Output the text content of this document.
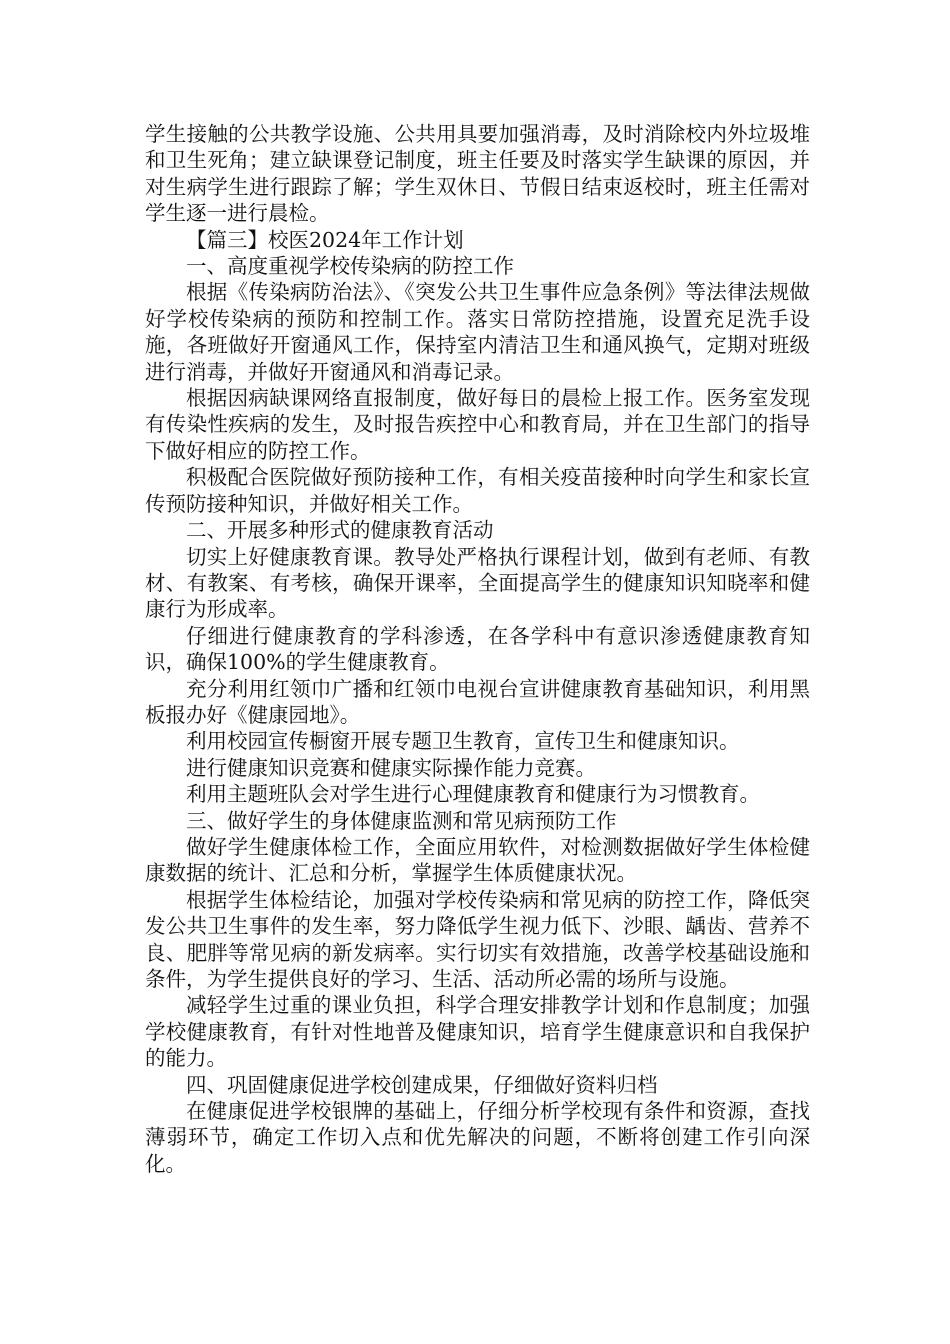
学生接触的公共教学设施、公共用具要加强消毒，及时消除校内外垃圾堆和卫生死角；建立缺课登记制度，班主任要及时落实学生缺课的原因，并对生病学生进行跟踪了解；学生双休日、节假日结束返校时，班主任需对学生逐一进行晨检。

【篇三】校医2024年工作计划

一、高度重视学校传染病的防控工作

根据《传染病防治法》、《突发公共卫生事件应急条例》等法律法规做好学校传染病的预防和控制工作。落实日常防控措施，设置充足洗手设施，各班做好开窗通风工作，保持室内清洁卫生和通风换气，定期对班级进行消毒，并做好开窗通风和消毒记录。

根据因病缺课网络直报制度，做好每日的晨检上报工作。医务室发现有传染性疾病的发生，及时报告疾控中心和教育局，并在卫生部门的指导下做好相应的防控工作。

积极配合医院做好预防接种工作，有相关疫苗接种时向学生和家长宣传预防接种知识，并做好相关工作。

二、开展多种形式的健康教育活动

切实上好健康教育课。教导处严格执行课程计划，做到有老师、有教材、有教案、有考核，确保开课率，全面提高学生的健康知识知晓率和健康行为形成率。

仔细进行健康教育的学科渗透，在各学科中有意识渗透健康教育知识，确保100%的学生健康教育。

充分利用红领巾广播和红领巾电视台宣讲健康教育基础知识，利用黑板报办好《健康园地》。

利用校园宣传橱窗开展专题卫生教育，宣传卫生和健康知识。

进行健康知识竞赛和健康实际操作能力竞赛。

利用主题班队会对学生进行心理健康教育和健康行为习惯教育。

三、做好学生的身体健康监测和常见病预防工作

做好学生健康体检工作，全面应用软件，对检测数据做好学生体检健康数据的统计、汇总和分析，掌握学生体质健康状况。

根据学生体检结论，加强对学校传染病和常见病的防控工作，降低突发公共卫生事件的发生率，努力降低学生视力低下、沙眼、龋齿、营养不良、肥胖等常见病的新发病率。实行切实有效措施，改善学校基础设施和条件，为学生提供良好的学习、生活、活动所必需的场所与设施。

减轻学生过重的课业负担，科学合理安排教学计划和作息制度；加强学校健康教育，有针对性地普及健康知识，培育学生健康意识和自我保护的能力。

四、巩固健康促进学校创建成果，仔细做好资料归档

在健康促进学校银牌的基础上，仔细分析学校现有条件和资源，查找薄弱环节，确定工作切入点和优先解决的问题，不断将创建工作引向深化。
